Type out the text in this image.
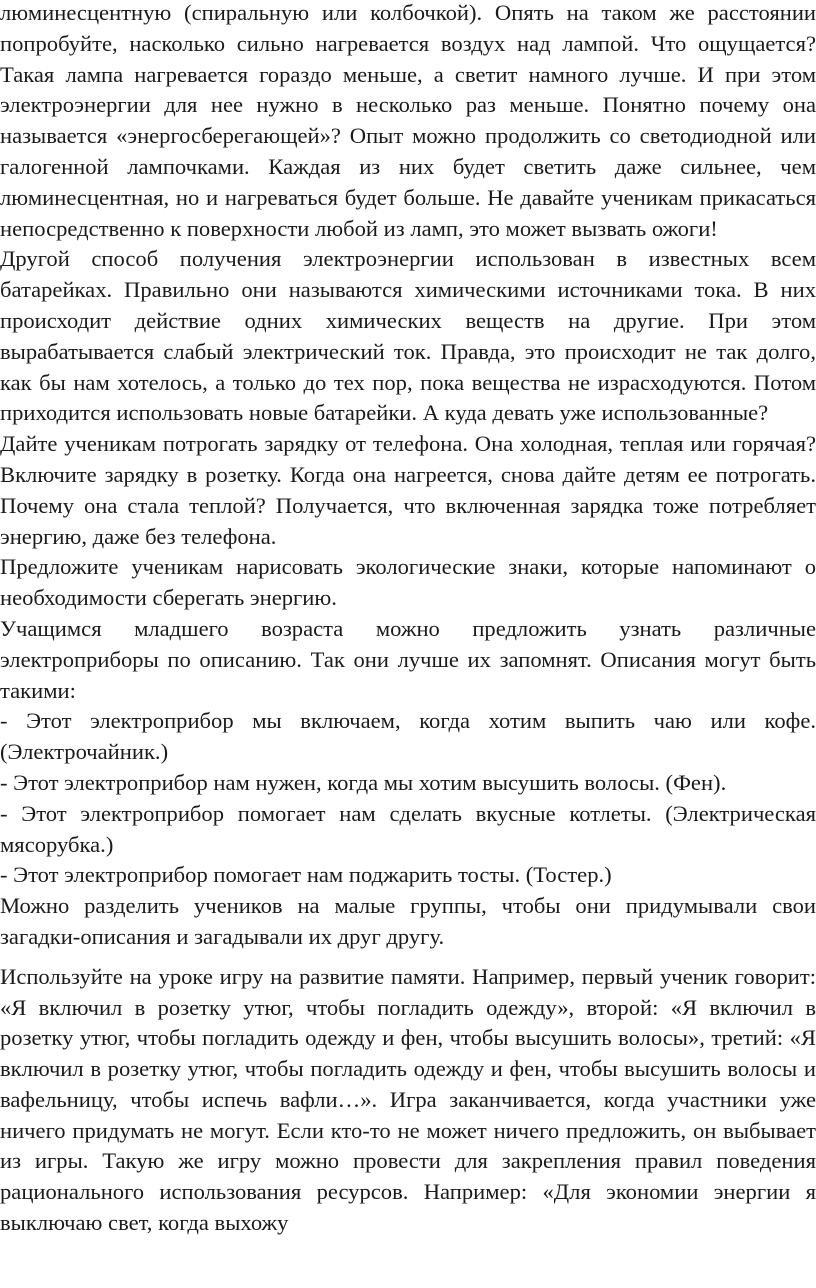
люминесцентную (спиральную или колбочкой). Опять на таком же расстоянии попробуйте, насколько сильно нагревается воздух над лампой. Что ощущается? Такая лампа нагревается гораздо меньше, а светит намного лучше. И при этом электроэнергии для нее нужно в несколько раз меньше. Понятно почему она называется «энергосберегающей»? Опыт можно продолжить со светодиодной или галогенной лампочками. Каждая из них будет светить даже сильнее, чем люминесцентная, но и нагреваться будет больше. Не давайте ученикам прикасаться непосредственно к поверхности любой из ламп, это может вызвать ожоги!

Другой способ получения электроэнергии использован в известных всем батарейках. Правильно они называются химическими источниками тока. В них происходит действие одних химических веществ на другие. При этом вырабатывается слабый электрический ток. Правда, это происходит не так долго, как бы нам хотелось, а только до тех пор, пока вещества не израсходуются. Потом приходится использовать новые батарейки. А куда девать уже использованные?

Дайте ученикам потрогать зарядку от телефона. Она холодная, теплая или горячая? Включите зарядку в розетку. Когда она нагреется, снова дайте детям ее потрогать. Почему она стала теплой? Получается, что включенная зарядка тоже потребляет энергию, даже без телефона.

Предложите ученикам нарисовать экологические знаки, которые напоминают о необходимости сберегать энергию.

Учащимся младшего возраста можно предложить узнать различные электроприборы по описанию. Так они лучше их запомнят. Описания могут быть такими:

- Этот электроприбор мы включаем, когда хотим выпить чаю или кофе. (Электрочайник.)

- Этот электроприбор нам нужен, когда мы хотим высушить волосы. (Фен).

- Этот электроприбор помогает нам сделать вкусные котлеты. (Электрическая мясорубка.)

- Этот электроприбор помогает нам поджарить тосты. (Тостер.)

Можно разделить учеников на малые группы, чтобы они придумывали свои загадки-описания и загадывали их друг другу.

Используйте на уроке игру на развитие памяти. Например, первый ученик говорит: «Я включил в розетку утюг, чтобы погладить одежду», второй: «Я включил в розетку утюг, чтобы погладить одежду и фен, чтобы высушить волосы», третий: «Я включил в розетку утюг, чтобы погладить одежду и фен, чтобы высушить волосы и вафельницу, чтобы испечь вафли…». Игра заканчивается, когда участники уже ничего придумать не могут. Если кто-то не может ничего предложить, он выбывает из игры. Такую же игру можно провести для закрепления правил поведения рационального использования ресурсов. Например: «Для экономии энергии я выключаю свет, когда выхожу
